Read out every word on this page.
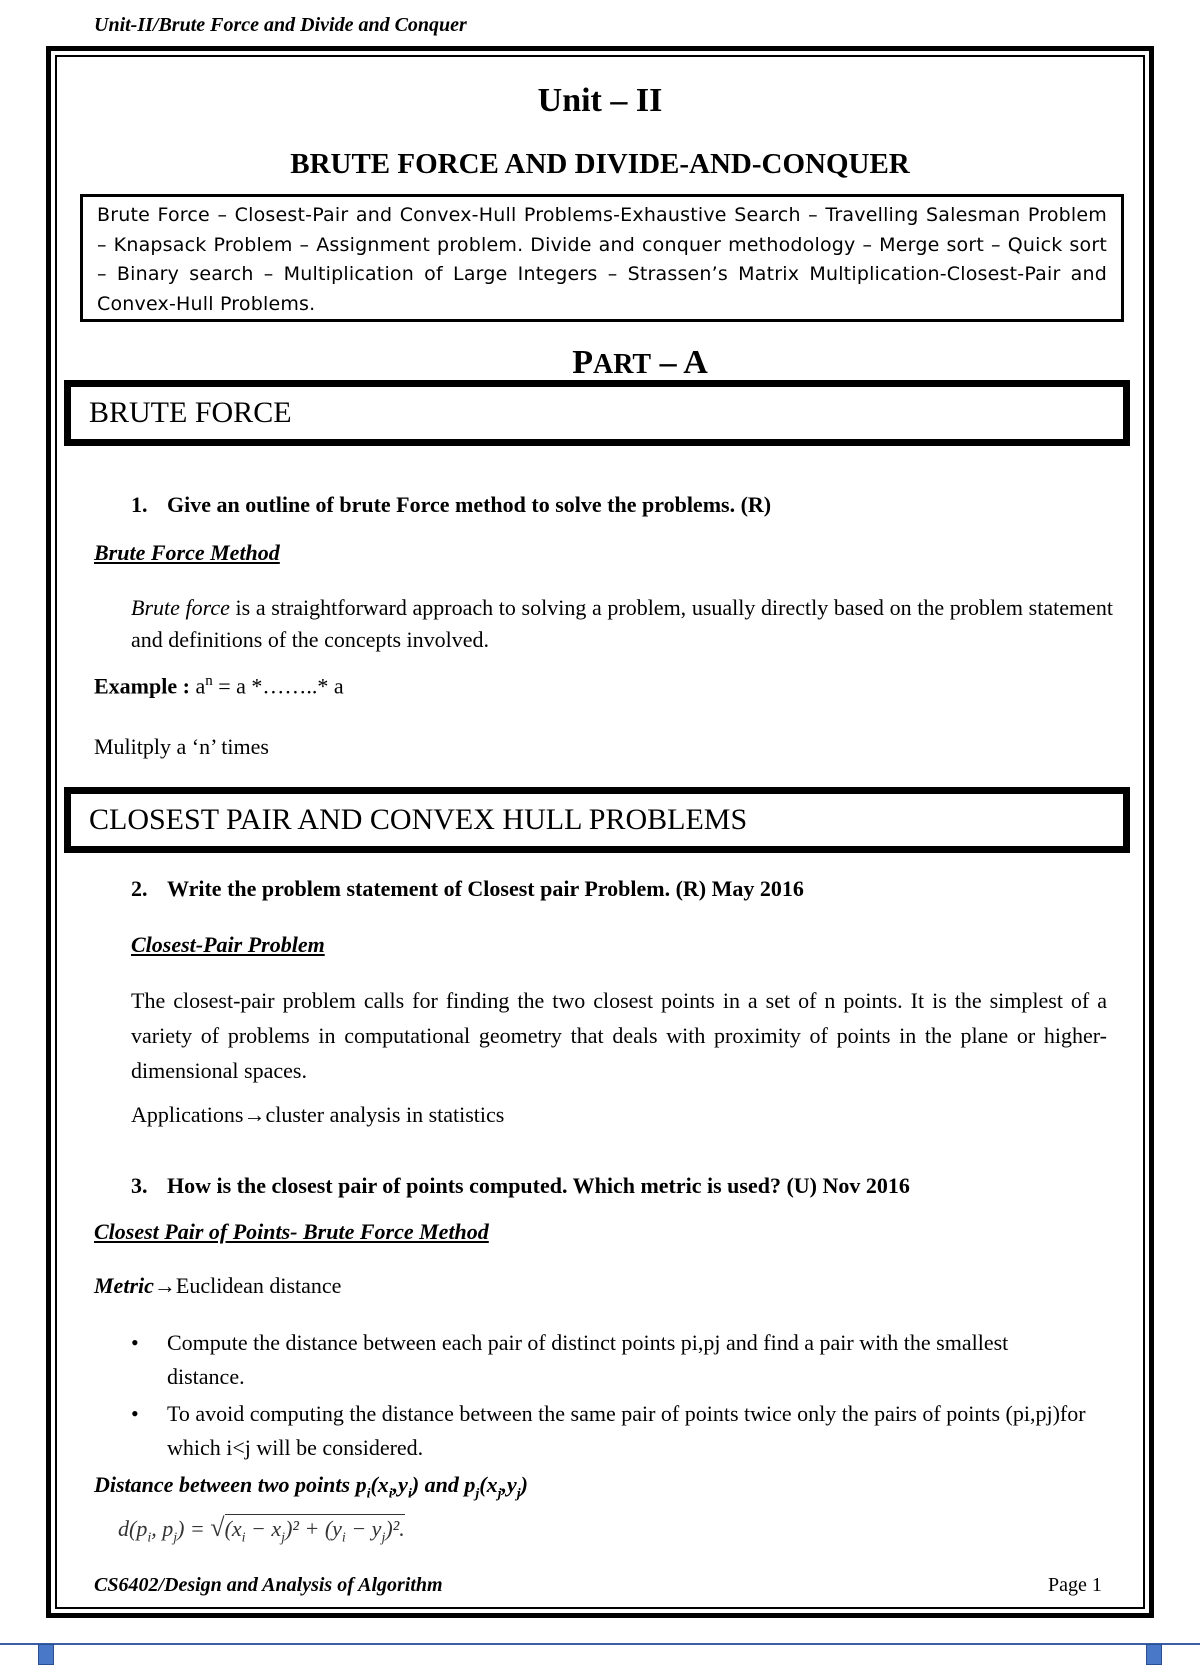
Unit-II/Brute Force and Divide and Conquer
Unit – II
BRUTE FORCE AND DIVIDE-AND-CONQUER
Brute Force – Closest-Pair and Convex-Hull Problems-Exhaustive Search – Travelling Salesman Problem – Knapsack Problem – Assignment problem. Divide and conquer methodology – Merge sort – Quick sort – Binary search – Multiplication of Large Integers – Strassen’s Matrix Multiplication-Closest-Pair and Convex-Hull Problems.
PART – A
BRUTE FORCE
1. Give an outline of brute Force method to solve the problems. (R)
Brute Force Method
Brute force is a straightforward approach to solving a problem, usually directly based on the problem statement and definitions of the concepts involved.
Example : $a^n = a$ *……..* a
Mulitply a ‘n’ times
CLOSEST PAIR AND CONVEX HULL PROBLEMS
2. Write the problem statement of Closest pair Problem. (R) May 2016
Closest-Pair Problem
The closest-pair problem calls for finding the two closest points in a set of n points. It is the simplest of a variety of problems in computational geometry that deals with proximity of points in the plane or higher-dimensional spaces.
Applications→cluster analysis in statistics
3. How is the closest pair of points computed. Which metric is used? (U) Nov 2016
Closest Pair of Points- Brute Force Method
Metric→Euclidean distance
•	Compute the distance between each pair of distinct points pi,pj and find a pair with the smallest distance.
•	To avoid computing the distance between the same pair of points twice only the pairs of points (pi,pj)for which i<j will be considered.
Distance between two points $p_i(x_i,y_i)$ and $p_j(x_j,y_j)$
$d(p_i$, $p_j) = √(x_i - x_j)^2 + (y_i - y_j)^2$.
CS6402/Design and Analysis of Algorithm	Page 1
